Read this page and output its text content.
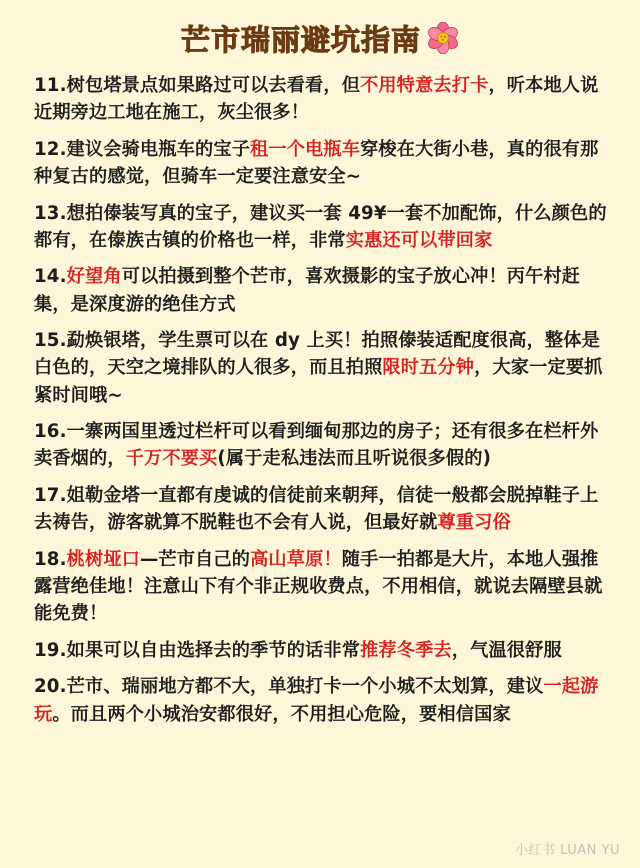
芒市瑞丽避坑指南

11.树包塔景点如果路过可以去看看，但不用特意去打卡，听本地人说近期旁边工地在施工，灰尘很多！

12.建议会骑电瓶车的宝子租一个电瓶车穿梭在大街小巷，真的很有那种复古的感觉，但骑车一定要注意安全~

13.想拍傣装写真的宝子，建议买一套 49¥一套不加配饰，什么颜色的都有，在傣族古镇的价格也一样，非常实惠还可以带回家

14.好望角可以拍摄到整个芒市，喜欢摄影的宝子放心冲！丙午村赶集，是深度游的绝佳方式

15.勐焕银塔，学生票可以在 dy 上买！拍照傣装适配度很高，整体是白色的，天空之境排队的人很多，而且拍照限时五分钟，大家一定要抓紧时间哦~

16.一寨两国里透过栏杆可以看到缅甸那边的房子；还有很多在栏杆外卖香烟的，千万不要买(属于走私违法而且听说很多假的)

17.姐勒金塔一直都有虔诚的信徒前来朝拜，信徒一般都会脱掉鞋子上去祷告，游客就算不脱鞋也不会有人说，但最好就尊重习俗

18.桃树垭口—芒市自己的高山草原！随手一拍都是大片，本地人强推露营绝佳地！注意山下有个非正规收费点，不用相信，就说去隔壁县就能免费！

19.如果可以自由选择去的季节的话非常推荐冬季去，气温很舒服

20.芒市、瑞丽地方都不大，单独打卡一个小城不太划算，建议一起游玩。而且两个小城治安都很好，不用担心危险，要相信国家

小红书 LUAN YU
